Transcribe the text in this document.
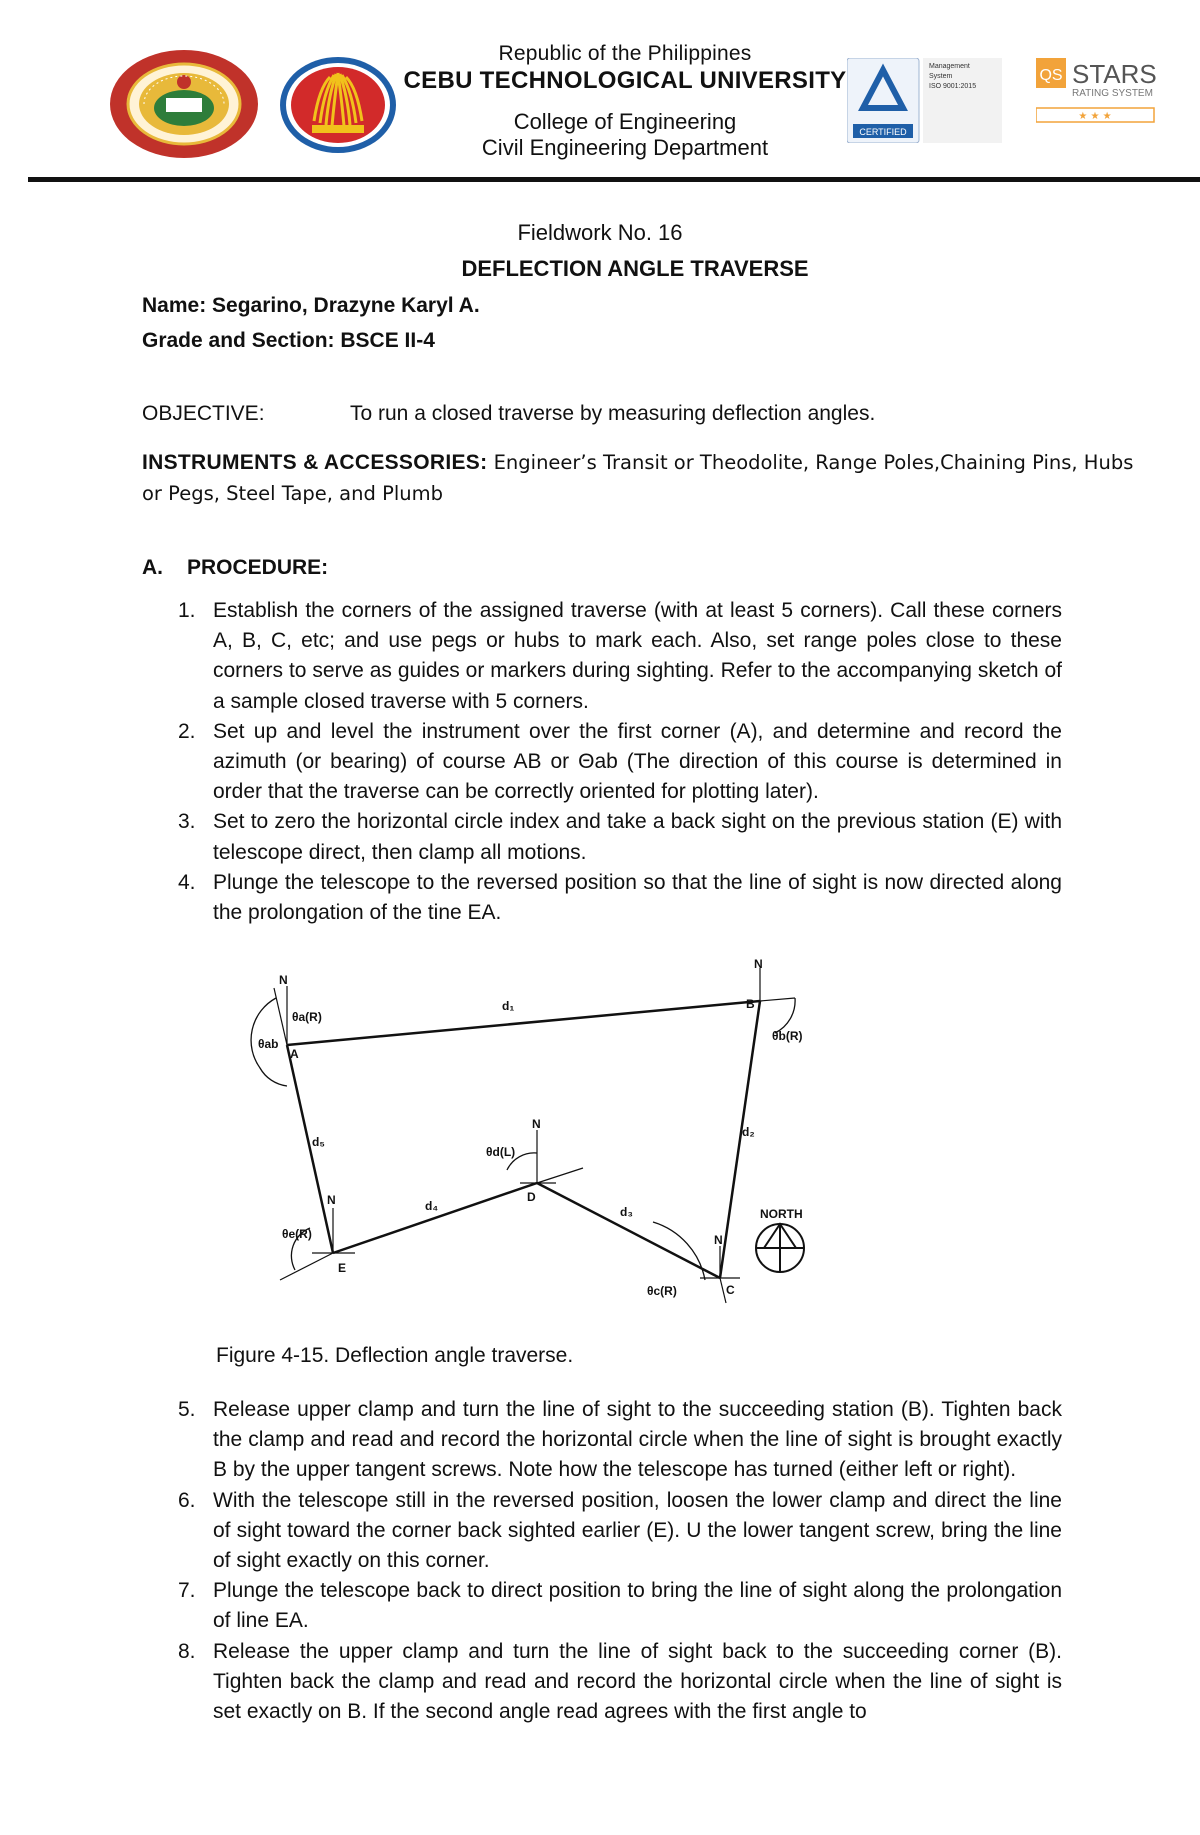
Republic of the Philippines
CEBU TECHNOLOGICAL UNIVERSITY
College of Engineering
Civil Engineering Department
CERTIFIED
Management
System
ISO 9001:2015
QS STARS
RATING SYSTEM
★ ★ ★
Fieldwork No. 16
DEFLECTION ANGLE TRAVERSE
Name: Segarino, Drazyne Karyl A.
Grade and Section: BSCE II-4
OBJECTIVE:	To run a closed traverse by measuring deflection angles.
INSTRUMENTS & ACCESSORIES: Engineer’s Transit or Theodolite, Range Poles,Chaining Pins, Hubs or Pegs, Steel Tape, and Plumb
A. PROCEDURE:
1. Establish the corners of the assigned traverse (with at least 5 corners). Call these corners A, B, C, etc; and use pegs or hubs to mark each. Also, set range poles close to these corners to serve as guides or markers during sighting. Refer to the accompanying sketch of a sample closed traverse with 5 corners.
2. Set up and level the instrument over the first corner (A), and determine and record the azimuth (or bearing) of course AB or Θab (The direction of this course is determined in order that the traverse can be correctly oriented for plotting later).
3. Set to zero the horizontal circle index and take a back sight on the previous station (E) with telescope direct, then clamp all motions.
4. Plunge the telescope to the reversed position so that the line of sight is now directed along the prolongation of the tine EA.
A
B
C
D
E
N
N
N
N
N
NORTH
d₁
d₂
d₃
d₄
d₅
θab
θa(R)
θb(R)
θc(R)
θd(L)
θe(R)
Figure 4-15. Deflection angle traverse.
5. Release upper clamp and turn the line of sight to the succeeding station (B). Tighten back the clamp and read and record the horizontal circle when the line of sight is brought exactly B by the upper tangent screws. Note how the telescope has turned (either left or right).
6. With the telescope still in the reversed position, loosen the lower clamp and direct the line of sight toward the corner back sighted earlier (E). U the lower tangent screw, bring the line of sight exactly on this corner.
7. Plunge the telescope back to direct position to bring the line of sight along the prolongation of line EA.
8. Release the upper clamp and turn the line of sight back to the succeeding corner (B). Tighten back the clamp and read and record the horizontal circle when the line of sight is set exactly on B. If the second angle read agrees with the first angle to
